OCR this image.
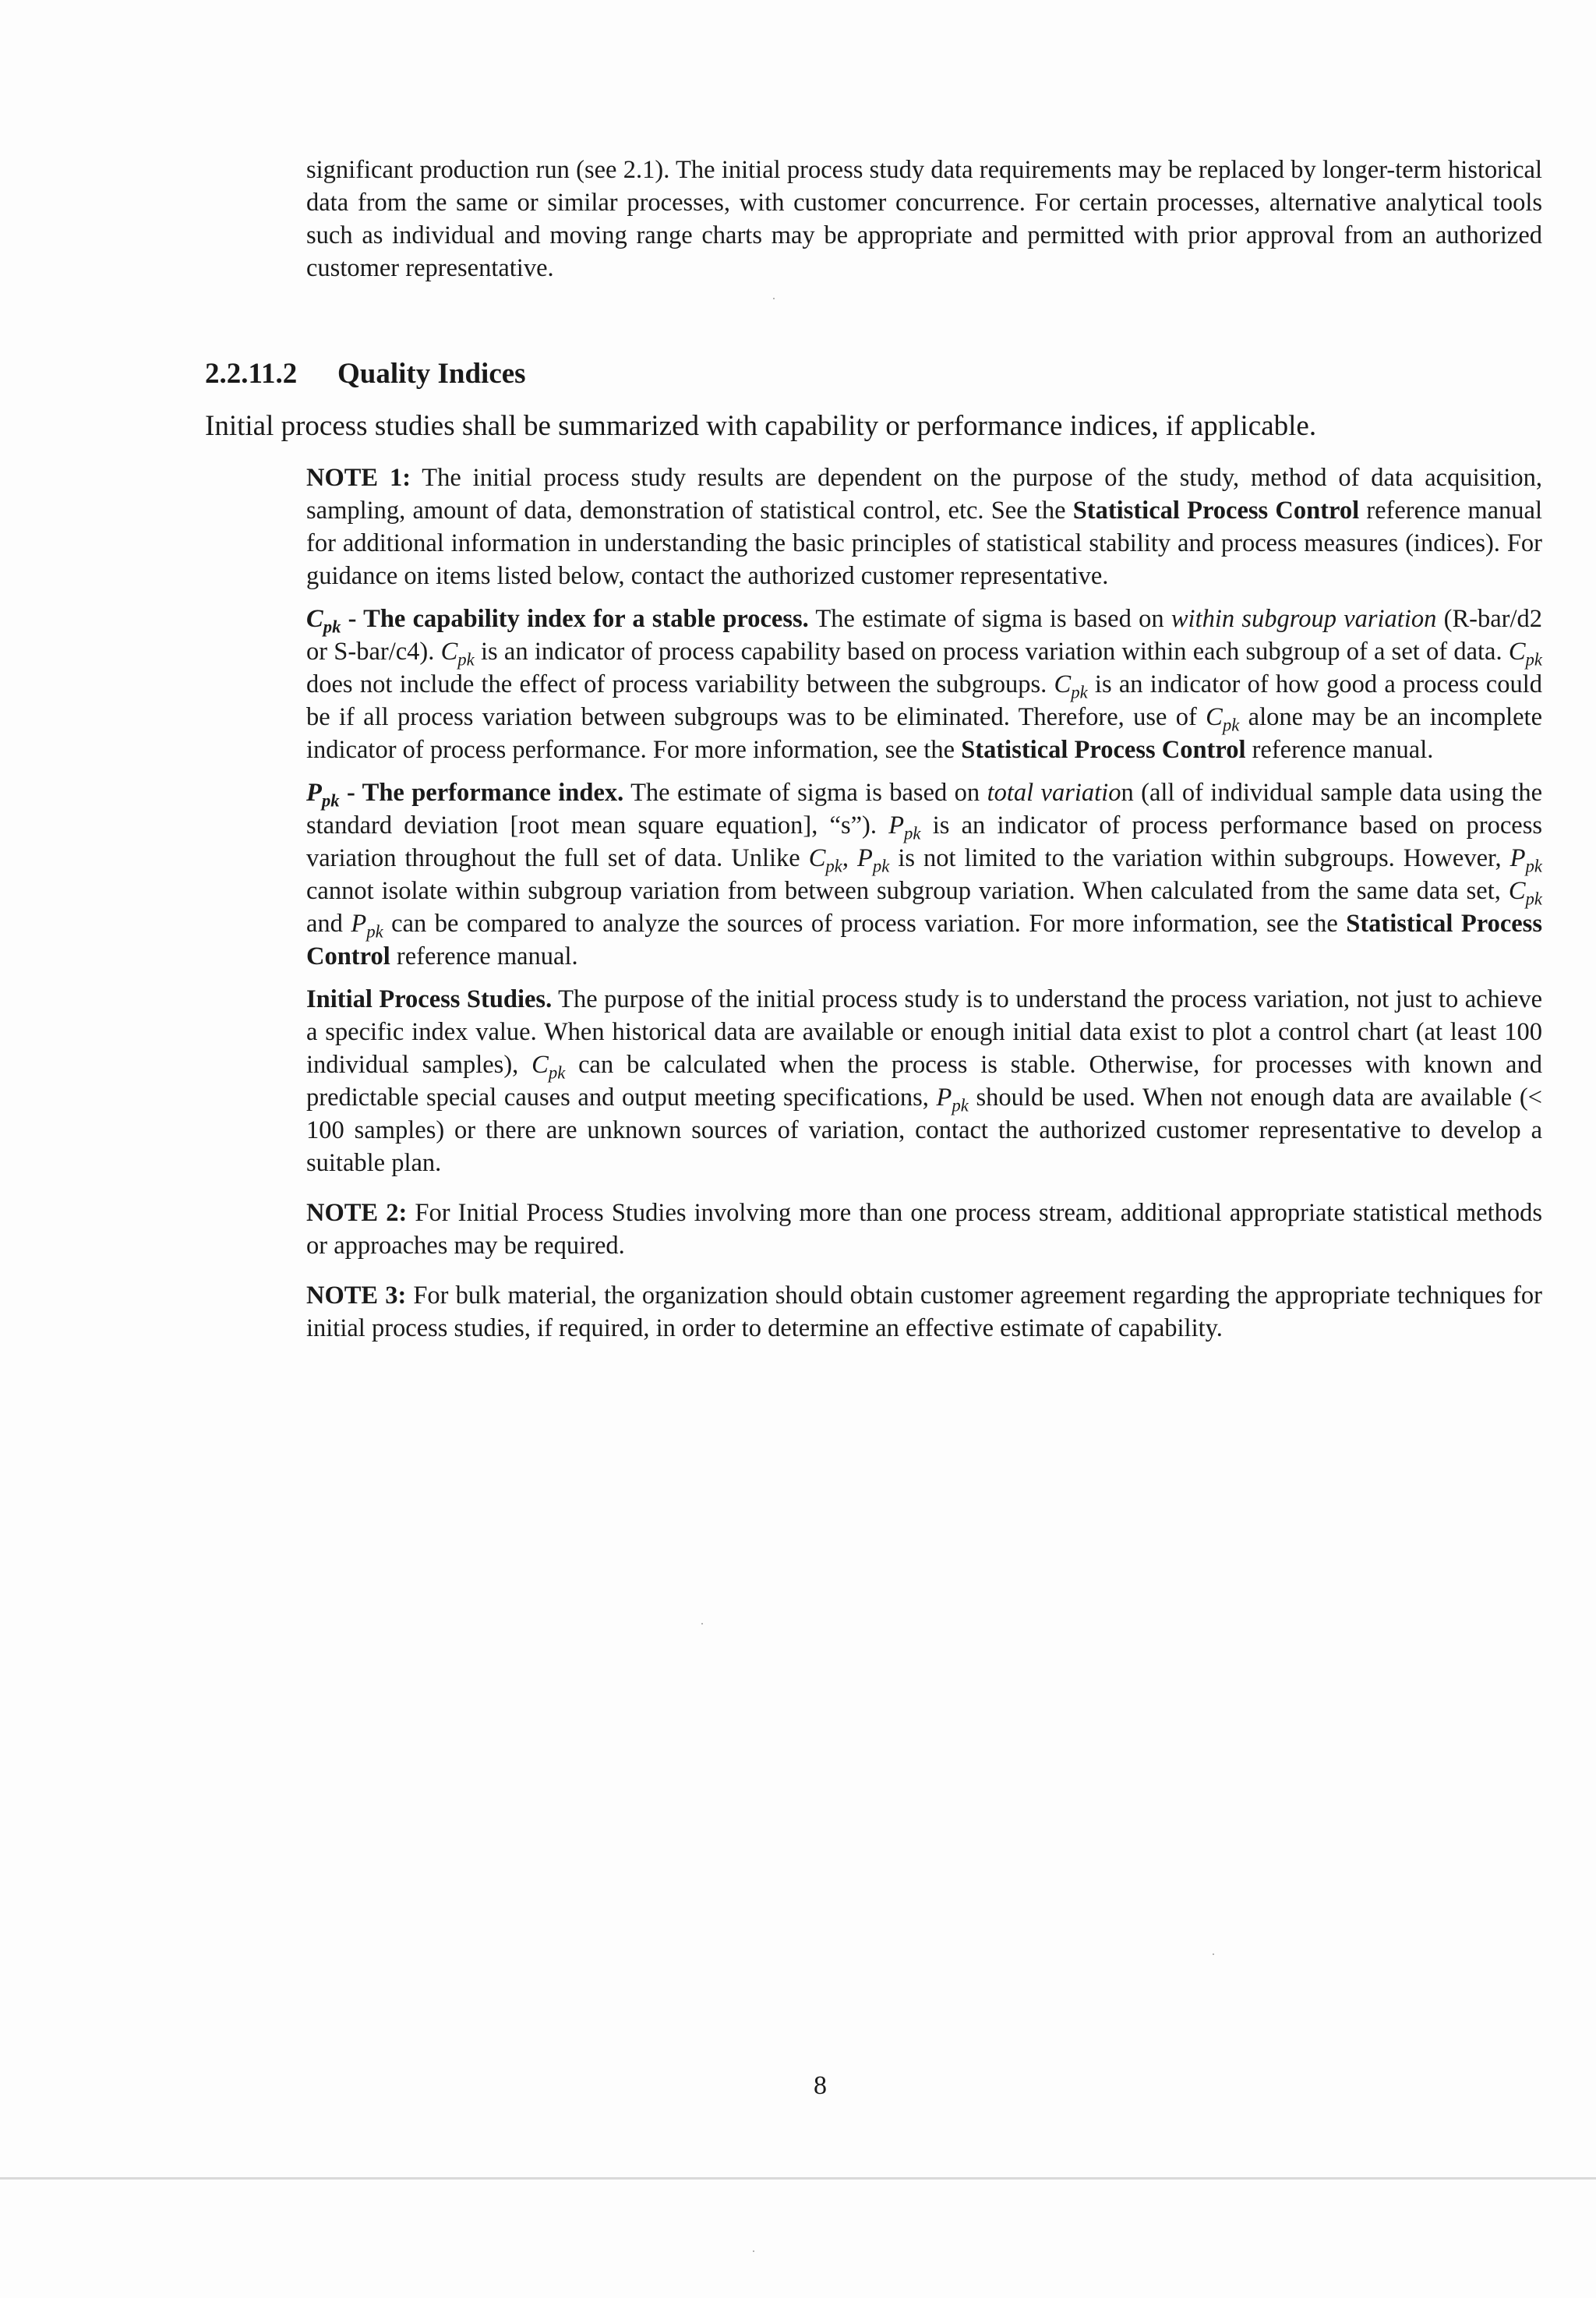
significant production run (see 2.1). The initial process study data requirements may be replaced by longer-term historical data from the same or similar processes, with customer concurrence. For certain processes, alternative analytical tools such as individual and moving range charts may be appropriate and permitted with prior approval from an authorized customer representative.
2.2.11.2 Quality Indices
Initial process studies shall be summarized with capability or performance indices, if applicable.

NOTE 1: The initial process study results are dependent on the purpose of the study, method of data acquisition, sampling, amount of data, demonstration of statistical control, etc. See the Statistical Process Control reference manual for additional information in understanding the basic principles of statistical stability and process measures (indices). For guidance on items listed below, contact the authorized customer representative.

$C_{pk}$ - The capability index for a stable process. The estimate of sigma is based on within subgroup variation (R-bar/d2 or S-bar/c4). $C_{pk}$ is an indicator of process capability based on process variation within each subgroup of a set of data. $C_{pk}$ does not include the effect of process variability between the subgroups. $C_{pk}$ is an indicator of how good a process could be if all process variation between subgroups was to be eliminated. Therefore, use of $C_{pk}$ alone may be an incomplete indicator of process performance. For more information, see the Statistical Process Control reference manual.

$P_{pk}$ - The performance index. The estimate of sigma is based on total variation (all of individual sample data using the standard deviation [root mean square equation], “s”). $P_{pk}$ is an indicator of process performance based on process variation throughout the full set of data. Unlike $C_{pk}$, $P_{pk}$ is not limited to the variation within subgroups. However, $P_{pk}$ cannot isolate within subgroup variation from between subgroup variation. When calculated from the same data set, $C_{pk}$ and $P_{pk}$ can be compared to analyze the sources of process variation. For more information, see the Statistical Process Control reference manual.

Initial Process Studies. The purpose of the initial process study is to understand the process variation, not just to achieve a specific index value. When historical data are available or enough initial data exist to plot a control chart (at least 100 individual samples), $C_{pk}$ can be calculated when the process is stable. Otherwise, for processes with known and predictable special causes and output meeting specifications, $P_{pk}$ should be used. When not enough data are available (< 100 samples) or there are unknown sources of variation, contact the authorized customer representative to develop a suitable plan.

NOTE 2: For Initial Process Studies involving more than one process stream, additional appropriate statistical methods or approaches may be required.

NOTE 3: For bulk material, the organization should obtain customer agreement regarding the appropriate techniques for initial process studies, if required, in order to determine an effective estimate of capability.

8
